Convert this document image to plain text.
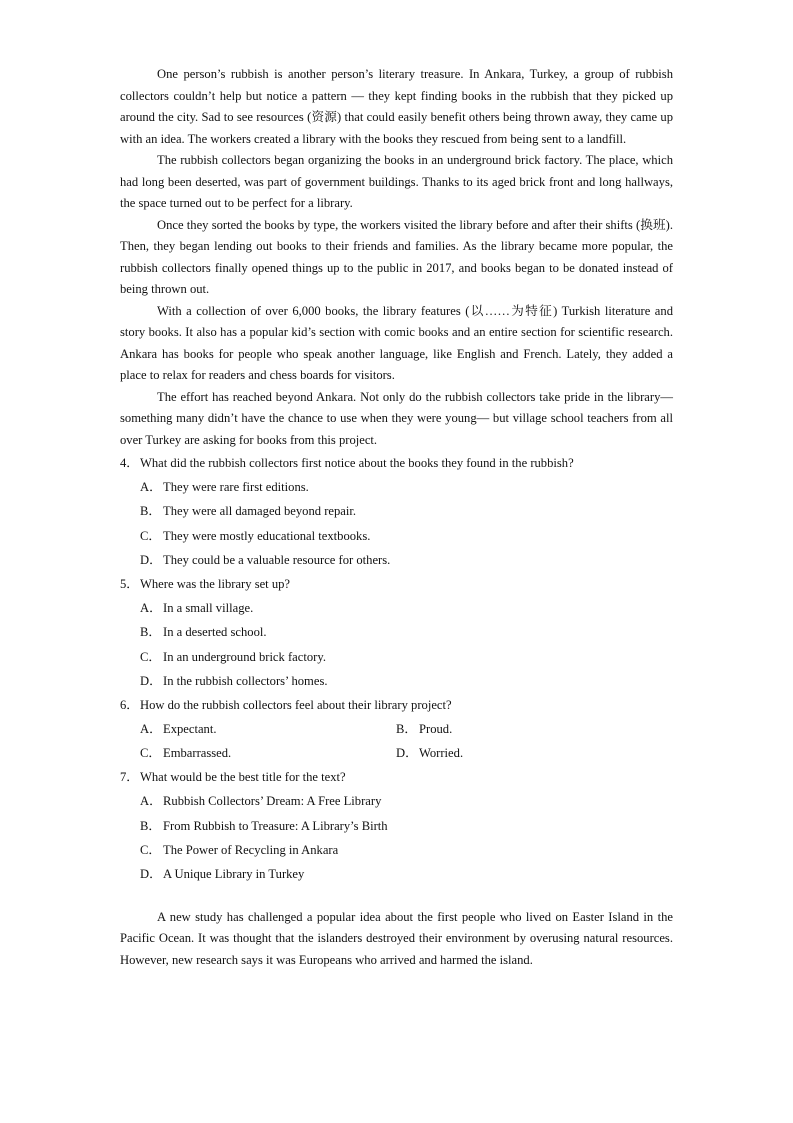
One person’s rubbish is another person’s literary treasure. In Ankara, Turkey, a group of rubbish collectors couldn’t help but notice a pattern — they kept finding books in the rubbish that they picked up around the city. Sad to see resources (资源) that could easily benefit others being thrown away, they came up with an idea. The workers created a library with the books they rescued from being sent to a landfill.

The rubbish collectors began organizing the books in an underground brick factory. The place, which had long been deserted, was part of government buildings. Thanks to its aged brick front and long hallways, the space turned out to be perfect for a library.

Once they sorted the books by type, the workers visited the library before and after their shifts (换班). Then, they began lending out books to their friends and families. As the library became more popular, the rubbish collectors finally opened things up to the public in 2017, and books began to be donated instead of being thrown out.

With a collection of over 6,000 books, the library features (以……为特征) Turkish literature and story books. It also has a popular kid’s section with comic books and an entire section for scientific research. Ankara has books for people who speak another language, like English and French. Lately, they added a place to relax for readers and chess boards for visitors.

The effort has reached beyond Ankara. Not only do the rubbish collectors take pride in the library— something many didn’t have the chance to use when they were young— but village school teachers from all over Turkey are asking for books from this project.

4． What did the rubbish collectors first notice about the books they found in the rubbish?
A． They were rare first editions.
B． They were all damaged beyond repair.
C． They were mostly educational textbooks.
D． They could be a valuable resource for others.
5． Where was the library set up?
A． In a small village.
B． In a deserted school.
C． In an underground brick factory.
D． In the rubbish collectors’ homes.
6． How do the rubbish collectors feel about their library project?
A． Expectant.	B． Proud.
C． Embarrassed.	D． Worried.
7． What would be the best title for the text?
A． Rubbish Collectors’ Dream: A Free Library
B． From Rubbish to Treasure: A Library’s Birth
C． The Power of Recycling in Ankara
D． A Unique Library in Turkey

A new study has challenged a popular idea about the first people who lived on Easter Island in the Pacific Ocean. It was thought that the islanders destroyed their environment by overusing natural resources. However, new research says it was Europeans who arrived and harmed the island.
